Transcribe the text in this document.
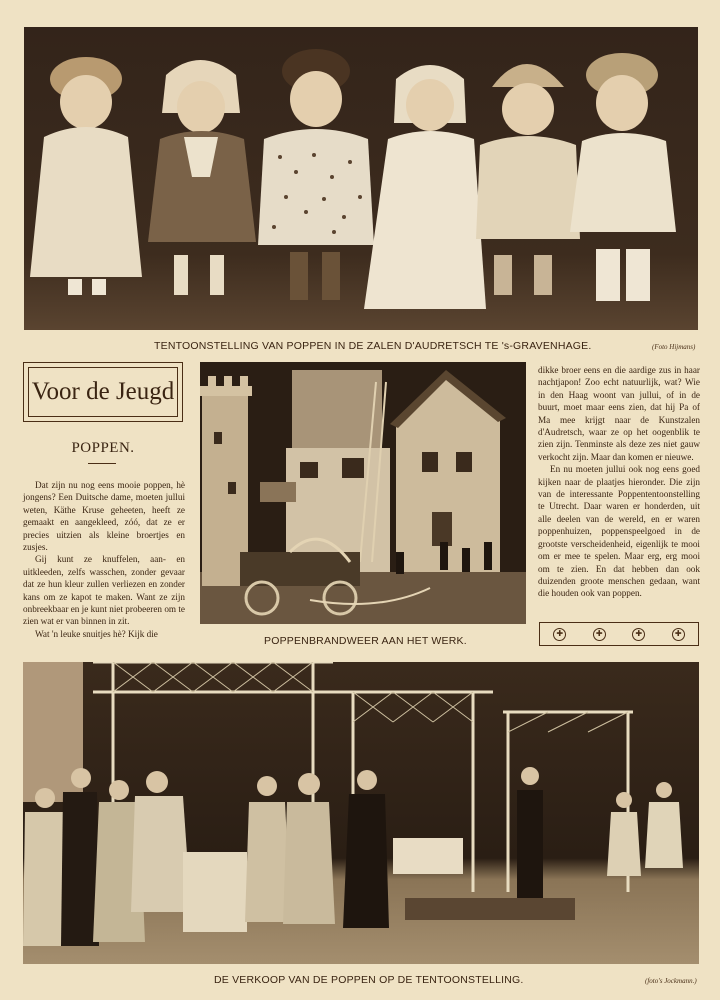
TENTOONSTELLING VAN POPPEN IN DE ZALEN D'AUDRETSCH TE 's-GRAVENHAGE.	(Foto Hijmans)
Voor de Jeugd
POPPEN.

Dat zijn nu nog eens mooie poppen, hè jongens? Een Duitsche dame, moeten jullui weten, Käthe Kruse geheeten, heeft ze gemaakt en aangekleed, zóó, dat ze er precies uitzien als kleine broertjes en zusjes.

Gij kunt ze knuffelen, aan- en uitkleeden, zelfs wasschen, zonder gevaar dat ze hun kleur zullen verliezen en zonder kans om ze kapot te maken. Want ze zijn onbreekbaar en je kunt niet probeeren om te zien wat er van binnen in zit.

Wat 'n leuke snuitjes hè? Kijk die

POPPENBRANDWEER AAN HET WERK.

dikke broer eens en die aardige zus in haar nachtjapon! Zoo echt natuurlijk, wat? Wie in den Haag woont van jullui, of in de buurt, moet maar eens zien, dat hij Pa of Ma mee krijgt naar de Kunstzalen d'Audretsch, waar ze op het oogenblik te zien zijn. Tenminste als deze zes niet gauw verkocht zijn. Maar dan komen er nieuwe.

En nu moeten jullui ook nog eens goed kijken naar de plaatjes hieronder. Die zijn van de interessante Poppententoonstelling te Utrecht. Daar waren er honderden, uit alle deelen van de wereld, en er waren poppenhuizen, poppenspeelgoed in de grootste verscheidenheid, eigenlijk te mooi om er mee te spelen. Maar erg, erg mooi om te zien. En dat hebben dan ook duizenden groote menschen gedaan, want die houden ook van poppen.

✚	✚	✚	✚
DE VERKOOP VAN DE POPPEN OP DE TENTOONSTELLING.	(foto's Jockmann.)
